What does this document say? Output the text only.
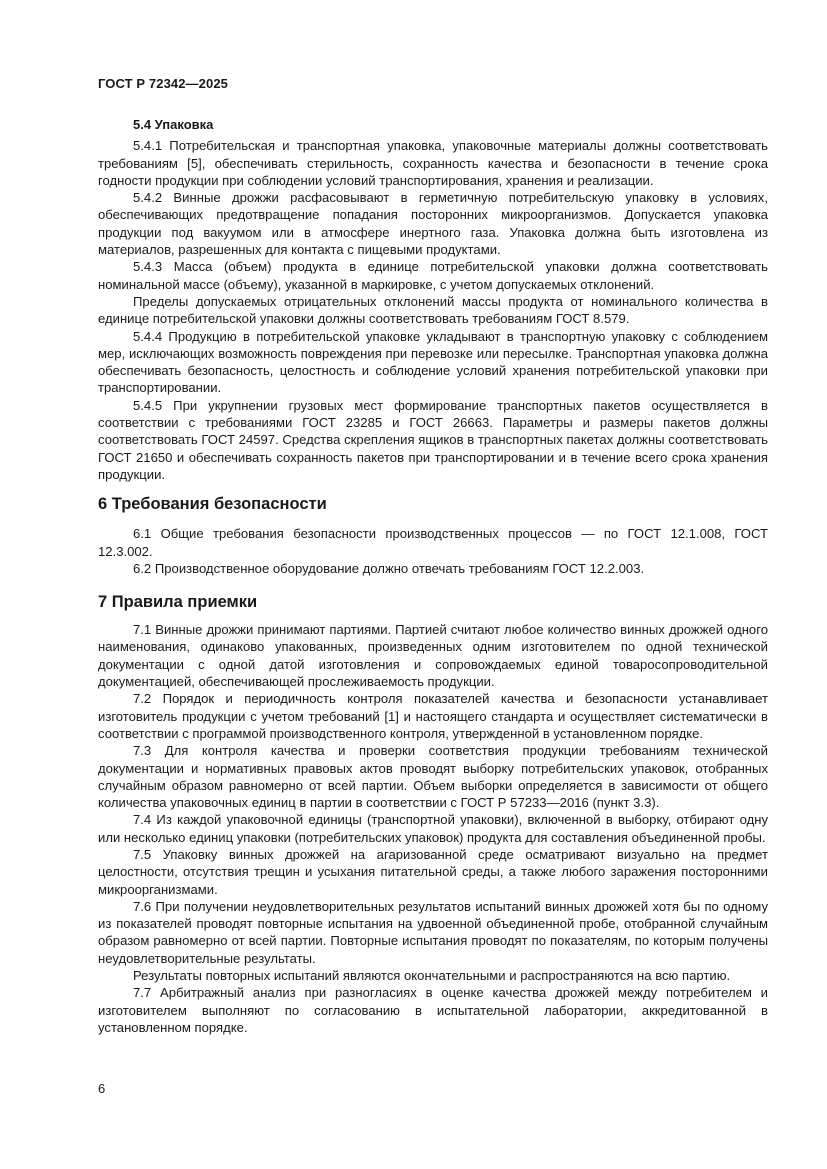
ГОСТ Р 72342—2025
5.4 Упаковка

5.4.1 Потребительская и транспортная упаковка, упаковочные материалы должны соответствовать требованиям [5], обеспечивать стерильность, сохранность качества и безопасности в течение срока годности продукции при соблюдении условий транспортирования, хранения и реализации.

5.4.2 Винные дрожжи расфасовывают в герметичную потребительскую упаковку в условиях, обеспечивающих предотвращение попадания посторонних микроорганизмов. Допускается упаковка продукции под вакуумом или в атмосфере инертного газа. Упаковка должна быть изготовлена из материалов, разрешенных для контакта с пищевыми продуктами.

5.4.3 Масса (объем) продукта в единице потребительской упаковки должна соответствовать номинальной массе (объему), указанной в маркировке, с учетом допускаемых отклонений.

Пределы допускаемых отрицательных отклонений массы продукта от номинального количества в единице потребительской упаковки должны соответствовать требованиям ГОСТ 8.579.

5.4.4 Продукцию в потребительской упаковке укладывают в транспортную упаковку с соблюдением мер, исключающих возможность повреждения при перевозке или пересылке. Транспортная упаковка должна обеспечивать безопасность, целостность и соблюдение условий хранения потребительской упаковки при транспортировании.

5.4.5 При укрупнении грузовых мест формирование транспортных пакетов осуществляется в соответствии с требованиями ГОСТ 23285 и ГОСТ 26663. Параметры и размеры пакетов должны соответствовать ГОСТ 24597. Средства скрепления ящиков в транспортных пакетах должны соответствовать ГОСТ 21650 и обеспечивать сохранность пакетов при транспортировании и в течение всего срока хранения продукции.

6 Требования безопасности

6.1 Общие требования безопасности производственных процессов — по ГОСТ 12.1.008, ГОСТ 12.3.002.

6.2 Производственное оборудование должно отвечать требованиям ГОСТ 12.2.003.

7 Правила приемки

7.1 Винные дрожжи принимают партиями. Партией считают любое количество винных дрожжей одного наименования, одинаково упакованных, произведенных одним изготовителем по одной технической документации с одной датой изготовления и сопровождаемых единой товаросопроводительной документацией, обеспечивающей прослеживаемость продукции.

7.2 Порядок и периодичность контроля показателей качества и безопасности устанавливает изготовитель продукции с учетом требований [1] и настоящего стандарта и осуществляет систематически в соответствии с программой производственного контроля, утвержденной в установленном порядке.

7.3 Для контроля качества и проверки соответствия продукции требованиям технической документации и нормативных правовых актов проводят выборку потребительских упаковок, отобранных случайным образом равномерно от всей партии. Объем выборки определяется в зависимости от общего количества упаковочных единиц в партии в соответствии с ГОСТ Р 57233—2016 (пункт 3.3).

7.4 Из каждой упаковочной единицы (транспортной упаковки), включенной в выборку, отбирают одну или несколько единиц упаковки (потребительских упаковок) продукта для составления объединенной пробы.

7.5 Упаковку винных дрожжей на агаризованной среде осматривают визуально на предмет целостности, отсутствия трещин и усыхания питательной среды, а также любого заражения посторонними микроорганизмами.

7.6 При получении неудовлетворительных результатов испытаний винных дрожжей хотя бы по одному из показателей проводят повторные испытания на удвоенной объединенной пробе, отобранной случайным образом равномерно от всей партии. Повторные испытания проводят по показателям, по которым получены неудовлетворительные результаты.

Результаты повторных испытаний являются окончательными и распространяются на всю партию.

7.7 Арбитражный анализ при разногласиях в оценке качества дрожжей между потребителем и изготовителем выполняют по согласованию в испытательной лаборатории, аккредитованной в установленном порядке.

6
